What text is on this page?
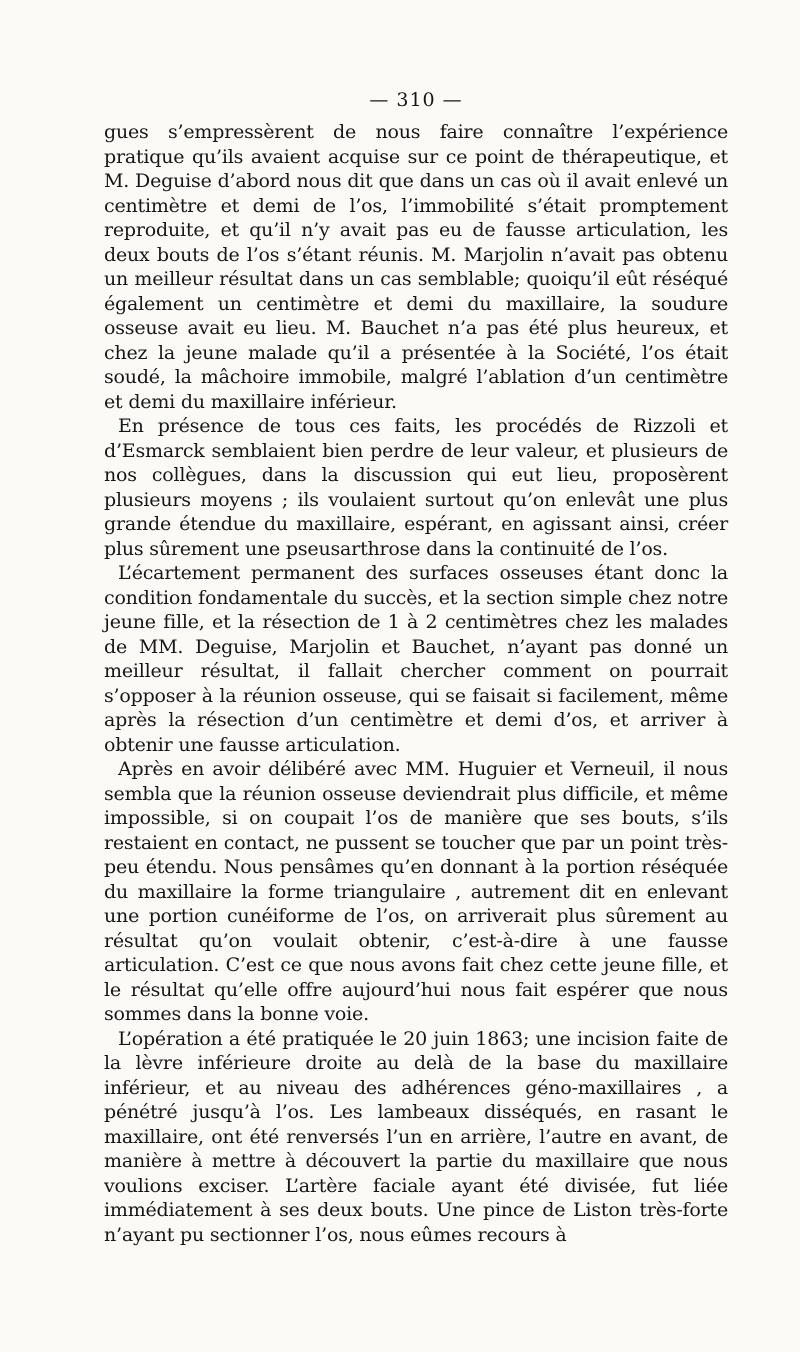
— 310 —

gues s’empressèrent de nous faire connaître l’expérience pratique qu’ils avaient acquise sur ce point de thérapeutique, et M. Deguise d’abord nous dit que dans un cas où il avait enlevé un centimètre et demi de l’os, l’immobilité s’était promptement reproduite, et qu’il n’y avait pas eu de fausse articulation, les deux bouts de l’os s’étant réunis. M. Marjolin n’avait pas obtenu un meilleur résultat dans un cas semblable; quoiqu’il eût réséqué également un centimètre et demi du maxillaire, la soudure osseuse avait eu lieu. M. Bauchet n’a pas été plus heureux, et chez la jeune malade qu’il a présentée à la Société, l’os était soudé, la mâchoire immobile, malgré l’ablation d’un centimètre et demi du maxillaire inférieur.

En présence de tous ces faits, les procédés de Rizzoli et d’Esmarck semblaient bien perdre de leur valeur, et plusieurs de nos collègues, dans la discussion qui eut lieu, proposèrent plusieurs moyens ; ils voulaient surtout qu’on enlevât une plus grande étendue du maxillaire, espérant, en agissant ainsi, créer plus sûrement une pseusarthrose dans la continuité de l’os.

L’écartement permanent des surfaces osseuses étant donc la condition fondamentale du succès, et la section simple chez notre jeune fille, et la résection de 1 à 2 centimètres chez les malades de MM. Deguise, Marjolin et Bauchet, n’ayant pas donné un meilleur résultat, il fallait chercher comment on pourrait s’opposer à la réunion osseuse, qui se faisait si facilement, même après la résection d’un centimètre et demi d’os, et arriver à obtenir une fausse articulation.

Après en avoir délibéré avec MM. Huguier et Verneuil, il nous sembla que la réunion osseuse deviendrait plus difficile, et même impossible, si on coupait l’os de manière que ses bouts, s’ils restaient en contact, ne pussent se toucher que par un point très-peu étendu. Nous pensâmes qu’en donnant à la portion réséquée du maxillaire la forme triangulaire , autrement dit en enlevant une portion cunéiforme de l’os, on arriverait plus sûrement au résultat qu’on voulait obtenir, c’est-à-dire à une fausse articulation. C’est ce que nous avons fait chez cette jeune fille, et le résultat qu’elle offre aujourd’hui nous fait espérer que nous sommes dans la bonne voie.

L’opération a été pratiquée le 20 juin 1863; une incision faite de la lèvre inférieure droite au delà de la base du maxillaire inférieur, et au niveau des adhérences géno-maxillaires , a pénétré jusqu’à l’os. Les lambeaux disséqués, en rasant le maxillaire, ont été renversés l’un en arrière, l’autre en avant, de manière à mettre à découvert la partie du maxillaire que nous voulions exciser. L’artère faciale ayant été divisée, fut liée immédiatement à ses deux bouts. Une pince de Liston très-forte n’ayant pu sectionner l’os, nous eûmes recours à
